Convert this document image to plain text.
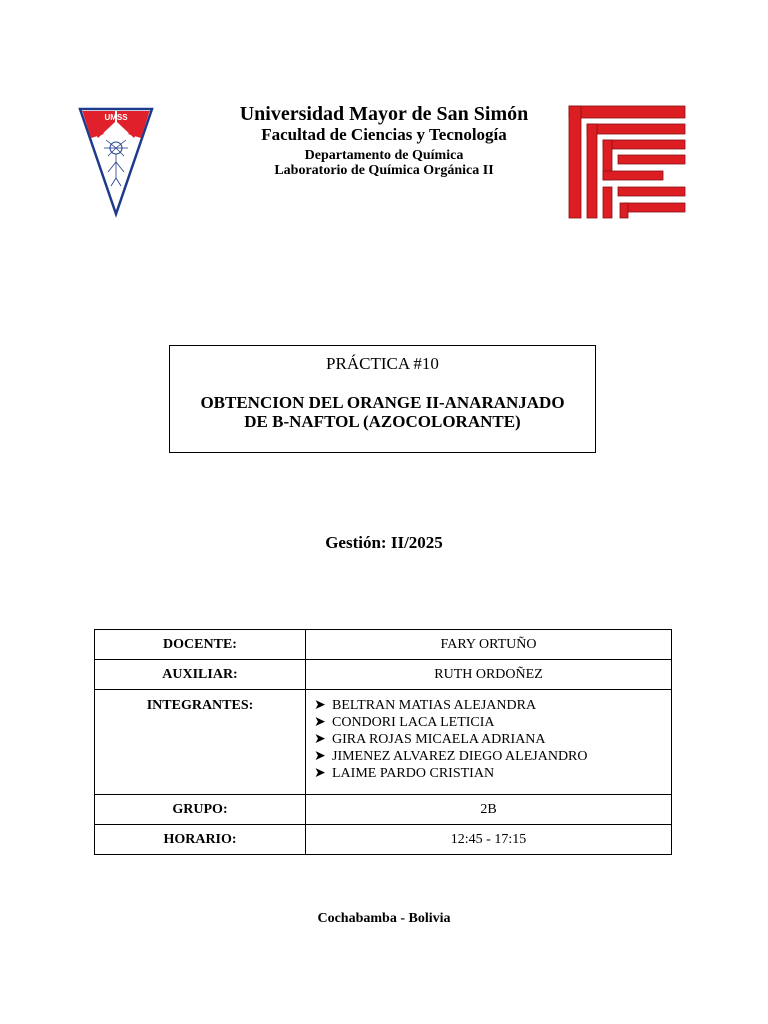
UMSS	Universidad Mayor de San Simón
Facultad de Ciencias y Tecnología
Departamento de Química
Laboratorio de Química Orgánica II
PRÁCTICA #10
OBTENCION DEL ORANGE II-ANARANJADO
DE B-NAFTOL (AZOCOLORANTE)
Gestión: II/2025
DOCENTE:	FARY ORTUÑO
AUXILIAR:	RUTH ORDOÑEZ
INTEGRANTES:	➤ BELTRAN MATIAS ALEJANDRA
➤ CONDORI LACA LETICIA
➤ GIRA ROJAS MICAELA ADRIANA
➤ JIMENEZ ALVAREZ DIEGO ALEJANDRO
➤ LAIME PARDO CRISTIAN

GRUPO:	2B
HORARIO:	12:45 - 17:15
Cochabamba - Bolivia
